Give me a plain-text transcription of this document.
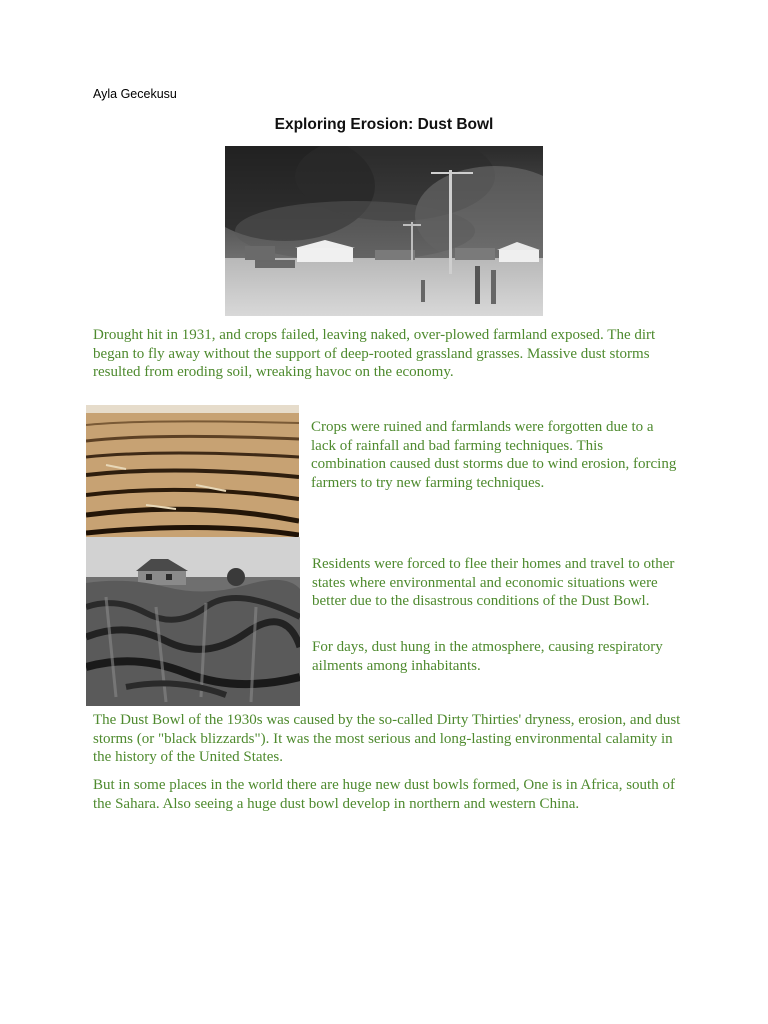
Ayla Gecekusu
Exploring Erosion: Dust Bowl

Drought hit in 1931, and crops failed, leaving naked, over-plowed farmland exposed. The dirt began to fly away without the support of deep-rooted grassland grasses. Massive dust storms resulted from eroding soil, wreaking havoc on the economy.

Crops were ruined and farmlands were forgotten due to a lack of rainfall and bad farming techniques. This combination caused dust storms due to wind erosion, forcing farmers to try new farming techniques.

Residents were forced to flee their homes and travel to other states where environmental and economic situations were better due to the disastrous conditions of the Dust Bowl.

For days, dust hung in the atmosphere, causing respiratory ailments among inhabitants.

The Dust Bowl of the 1930s was caused by the so-called Dirty Thirties' dryness, erosion, and dust storms (or "black blizzards"). It was the most serious and long-lasting environmental calamity in the history of the United States.

But in some places in the world there are huge new dust bowls formed, One is in Africa, south of the Sahara. Also seeing a huge dust bowl develop in northern and western China.
